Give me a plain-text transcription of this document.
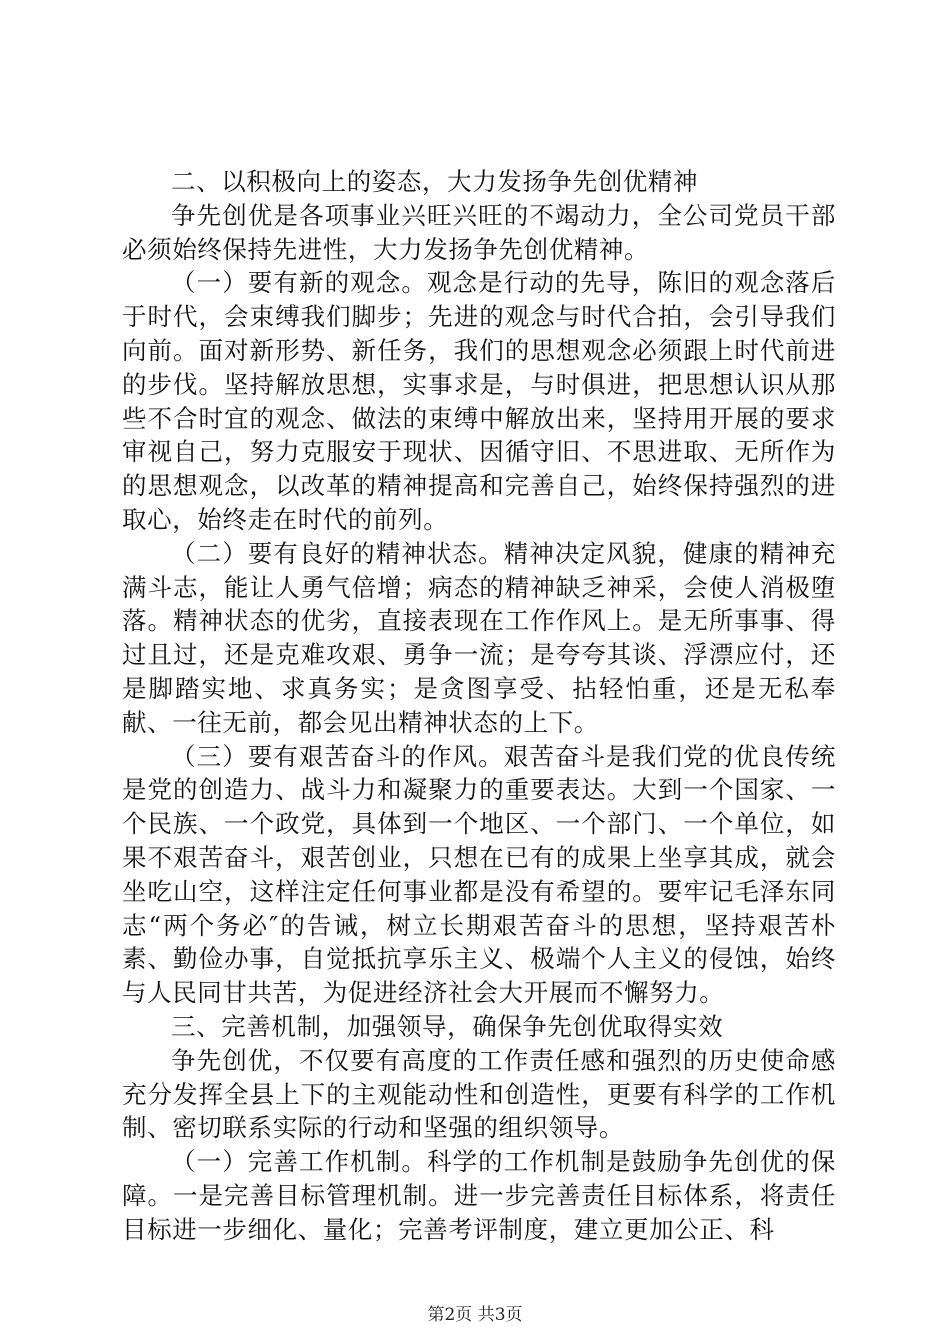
二、以积极向上的姿态，大力发扬争先创优精神

争先创优是各项事业兴旺兴旺的不竭动力，全公司党员干部必须始终保持先进性，大力发扬争先创优精神。

（一）要有新的观念。观念是行动的先导，陈旧的观念落后于时代，会束缚我们脚步；先进的观念与时代合拍，会引导我们向前。面对新形势、新任务，我们的思想观念必须跟上时代前进的步伐。坚持解放思想，实事求是，与时俱进，把思想认识从那些不合时宜的观念、做法的束缚中解放出来，坚持用开展的要求审视自己，努力克服安于现状、因循守旧、不思进取、无所作为的思想观念，以改革的精神提高和完善自己，始终保持强烈的进取心，始终走在时代的前列。

（二）要有良好的精神状态。精神决定风貌，健康的精神充满斗志，能让人勇气倍增；病态的精神缺乏神采，会使人消极堕落。精神状态的优劣，直接表现在工作作风上。是无所事事、得过且过，还是克难攻艰、勇争一流；是夸夸其谈、浮漂应付，还是脚踏实地、求真务实；是贪图享受、拈轻怕重，还是无私奉献、一往无前，都会见出精神状态的上下。

（三）要有艰苦奋斗的作风。艰苦奋斗是我们党的优良传统是党的创造力、战斗力和凝聚力的重要表达。大到一个国家、一个民族、一个政党，具体到一个地区、一个部门、一个单位，如果不艰苦奋斗，艰苦创业，只想在已有的成果上坐享其成，就会坐吃山空，这样注定任何事业都是没有希望的。要牢记毛泽东同志“两个务必″的告诫，树立长期艰苦奋斗的思想，坚持艰苦朴素、勤俭办事，自觉抵抗享乐主义、极端个人主义的侵蚀，始终与人民同甘共苦，为促进经济社会大开展而不懈努力。

三、完善机制，加强领导，确保争先创优取得实效

争先创优，不仅要有高度的工作责任感和强烈的历史使命感充分发挥全县上下的主观能动性和创造性，更要有科学的工作机制、密切联系实际的行动和坚强的组织领导。

（一）完善工作机制。科学的工作机制是鼓励争先创优的保障。一是完善目标管理机制。进一步完善责任目标体系，将责任目标进一步细化、量化；完善考评制度，建立更加公正、科

第2页 共3页
